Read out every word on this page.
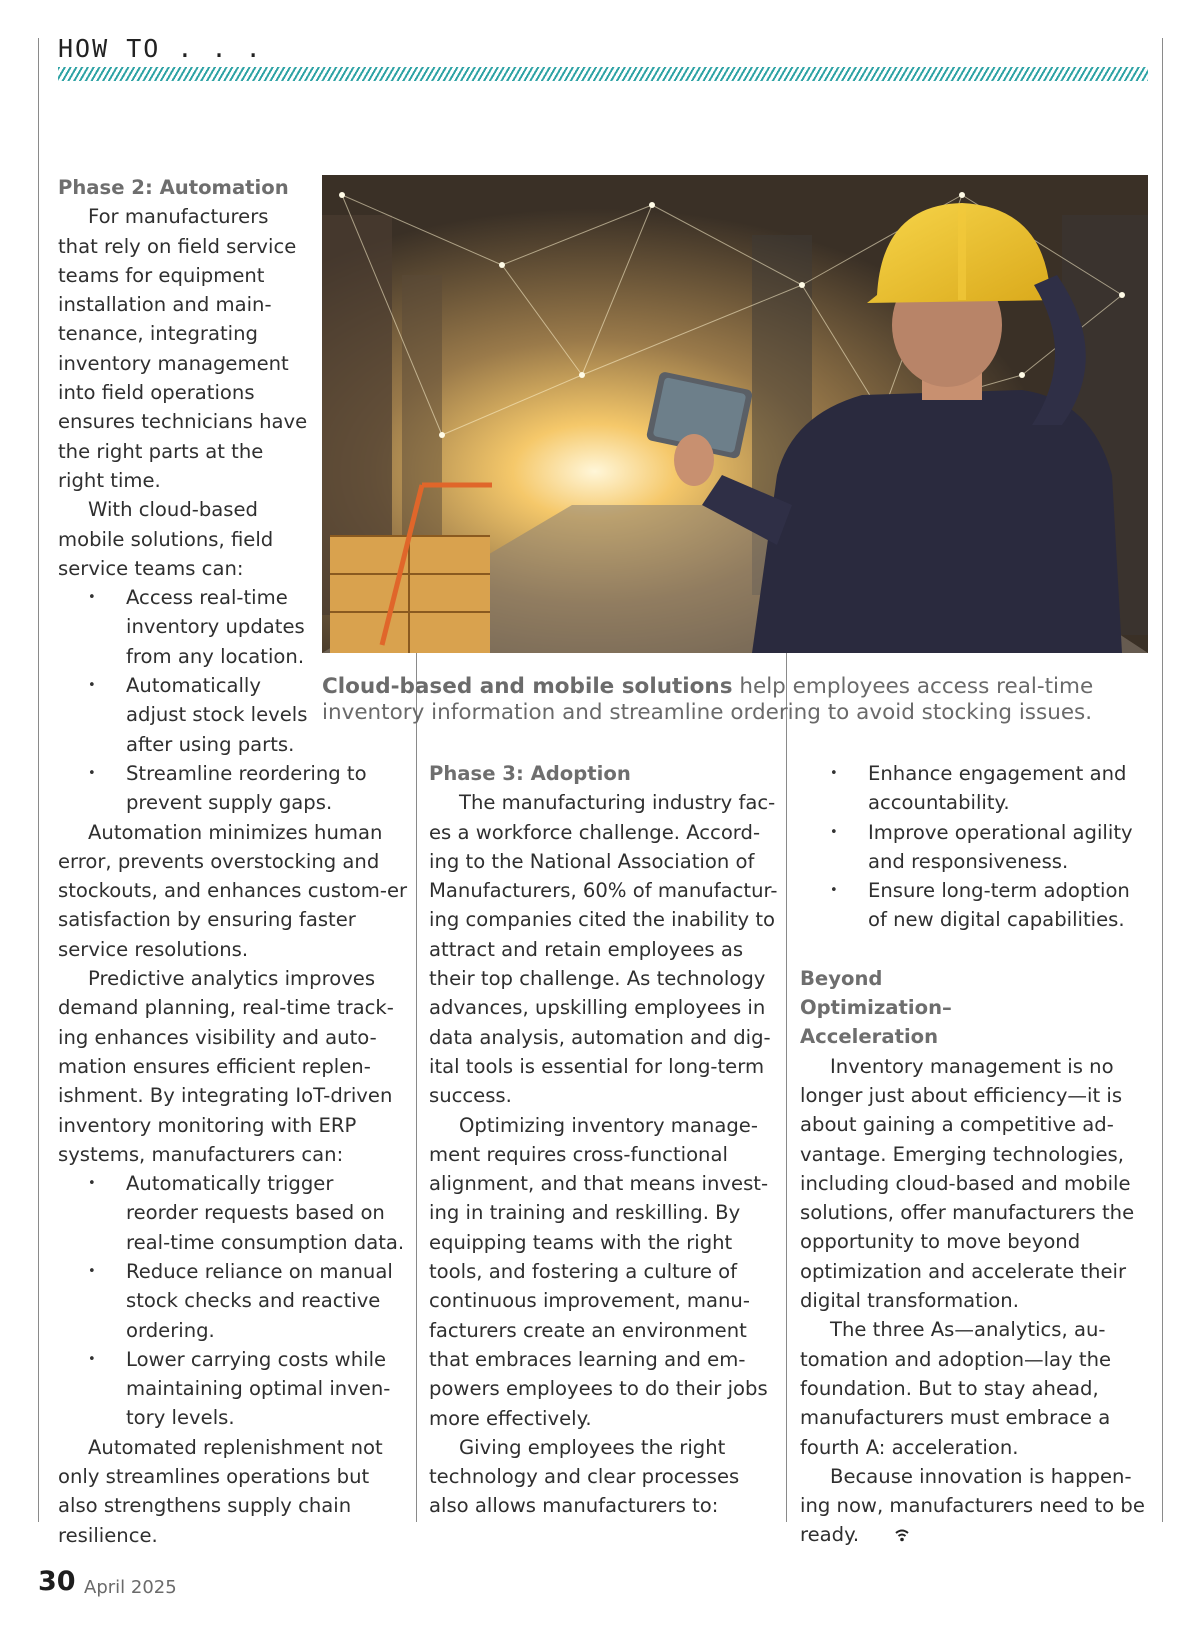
HOW TO . . .
Cloud-based and mobile solutions help employees access real-time inventory information and streamline ordering to avoid stocking issues.
Phase 2: Automation

For manufacturers that rely on field service teams for equipment installation and main-tenance, integrating inventory management into field operations ensures technicians have the right parts at the right time.

With cloud-based mobile solutions, field service teams can:

• Access real-time inventory updates from any location.
• Automatically adjust stock levels after using parts.
• Streamline reordering to prevent supply gaps.

Automation minimizes human error, prevents overstocking and stockouts, and enhances custom-er satisfaction by ensuring faster service resolutions.

Predictive analytics improves demand planning, real-time track-ing enhances visibility and auto-mation ensures efficient replen-ishment. By integrating IoT-driven inventory monitoring with ERP systems, manufacturers can:

• Automatically trigger reorder requests based on real-time consumption data.
• Reduce reliance on manual stock checks and reactive ordering.
• Lower carrying costs while maintaining optimal inven-tory levels.

Automated replenishment not only streamlines operations but also strengthens supply chain resilience.

Phase 3: Adoption

The manufacturing industry fac-es a workforce challenge. Accord-ing to the National Association of Manufacturers, 60% of manufactur-ing companies cited the inability to attract and retain employees as their top challenge. As technology advances, upskilling employees in data analysis, automation and dig-ital tools is essential for long-term success.

Optimizing inventory manage-ment requires cross-functional alignment, and that means invest-ing in training and reskilling. By equipping teams with the right tools, and fostering a culture of continuous improvement, manu-facturers create an environment that embraces learning and em-powers employees to do their jobs more effectively.

Giving employees the right technology and clear processes also allows manufacturers to:

• Enhance engagement and accountability.
• Improve operational agility and responsiveness.
• Ensure long-term adoption of new digital capabilities.
Beyond Optimization– Acceleration

Inventory management is no longer just about efficiency—it is about gaining a competitive ad-vantage. Emerging technologies, including cloud-based and mobile solutions, offer manufacturers the opportunity to move beyond optimization and accelerate their digital transformation.

The three As—analytics, au-tomation and adoption—lay the foundation. But to stay ahead, manufacturers must embrace a fourth A: acceleration.

Because innovation is happen-ing now, manufacturers need to be ready.

30 April 2025
